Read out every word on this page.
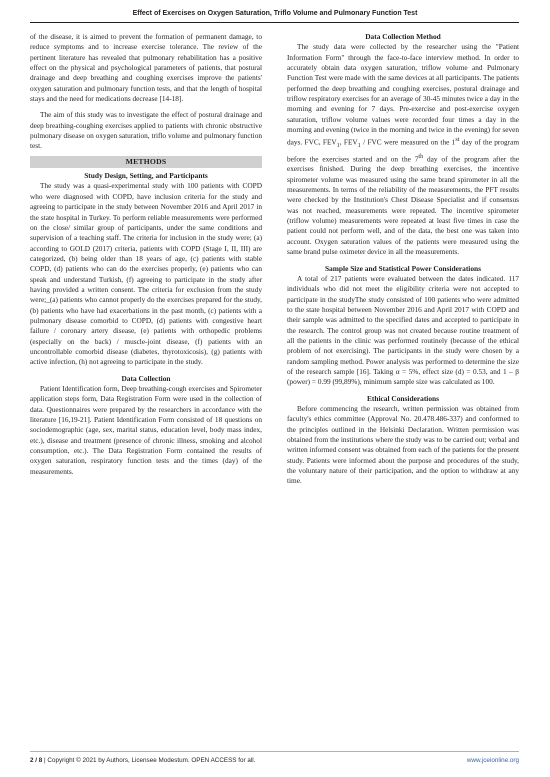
Effect of Exercises on Oxygen Saturation, Triflo Volume and Pulmonary Function Test

of the disease, it is aimed to prevent the formation of permanent damage, to reduce symptoms and to increase exercise tolerance. The review of the pertinent literature has revealed that pulmonary rehabilitation has a positive effect on the physical and psychological parameters of patients, that postural drainage and deep breathing and coughing exercises improve the patients' oxygen saturation and pulmonary function tests, and that the length of hospital stays and the need for medications decrease [14-18].

The aim of this study was to investigate the effect of postural drainage and deep breathing-coughing exercises applied to patients with chronic obstructive pulmonary disease on oxygen saturation, triflo volume and pulmonary function test.

METHODS
Study Design, Setting, and Participants

The study was a quasi-experimental study with 100 patients with COPD who were diagnosed with COPD, have inclusion criteria for the study and agreeing to participate in the study between November 2016 and April 2017 in the state hospital in Turkey. To perform reliable measurements were performed on the close/ similar group of participants, under the same conditions and supervision of a teaching staff. The criteria for inclusion in the study were; (a) according to GOLD (2017) criteria, patients with COPD (Stage I, II, III) are categorized, (b) being older than 18 years of age, (c) patients with stable COPD, (d) patients who can do the exercises properly, (e) patients who can speak and understand Turkish, (f) agreeing to participate in the study after having provided a written consent. The criteria for exclusion from the study were;_(a) patients who cannot properly do the exercises prepared for the study, (b) patients who have had exacerbations in the past month, (c) patients with a pulmonary disease comorbid to COPD, (d) patients with congestive heart failure / coronary artery disease, (e) patients with orthopedic problems (especially on the back) / muscle-joint disease, (f) patients with an uncontrollable comorbid disease (diabetes, thyrotoxicosis), (g) patients with active infection, (h) not agreeing to participate in the study.

Data Collection

Patient Identification form, Deep breathing-cough exercises and Spirometer application steps form, Data Registration Form were used in the collection of data. Questionnaires were prepared by the researchers in accordance with the literature [16,19-21]. Patient Identification Form consisted of 18 questions on sociodemographic (age, sex, marital status, education level, body mass index, etc.), disease and treatment (presence of chronic illness, smoking and alcohol consumption, etc.). The Data Registration Form contained the results of oxygen saturation, respiratory function tests and the times (day) of the measurements.

Data Collection Method

The study data were collected by the researcher using the "Patient Information Form" through the face-to-face interview method. In order to accurately obtain data oxygen saturation, triflow volume and Pulmonary Function Test were made with the same devices at all participants. The patients performed the deep breathing and coughing exercises, postural drainage and triflow respiratory exercises for an average of 30-45 minutes twice a day in the morning and evening for 7 days. Pre-exercise and post-exercise oxygen saturation, triflow volume values were recorded four times a day in the morning and evening (twice in the morning and twice in the evening) for seven days. FVC, $FEV_1$, $FEV_1$ / FVC were measured on the 1st day of the program before the exercises started and on the 7th day of the program after the exercises finished. During the deep breathing exercises, the incentive spirometer volume was measured using the same brand spirometer in all the measurements. In terms of the reliability of the measurements, the PFT results were checked by the Institution's Chest Disease Specialist and if consensus was not reached, measurements were repeated. The incentive spirometer (triflow volume) measurements were repeated at least five times in case the patient could not perform well, and of the data, the best one was taken into account. Oxygen saturation values of the patients were measured using the same brand pulse oximeter device in all the measurements.

Sample Size and Statistical Power Considerations

A total of 217 patients were evaluated between the dates indicated. 117 individuals who did not meet the eligibility criteria were not accepted to participate in the studyThe study consisted of 100 patients who were admitted to the state hospital between November 2016 and April 2017 with COPD and their sample was admitted to the specified dates and accepted to participate in the research. The control group was not created because routine treatment of all the patients in the clinic was performed routinely (because of the ethical problem of not exercising). The participants in the study were chosen by a random sampling method. Power analysis was performed to determine the size of the research sample [16]. Taking α = 5%, effect size (d) = 0.53, and 1 – β (power) = 0.99 (99,89%), minimum sample size was calculated as 100.

Ethical Considerations

Before commencing the research, written permission was obtained from faculty's ethics committee (Approval No. 20.478.486-337) and conformed to the principles outlined in the Helsinki Declaration. Written permission was obtained from the institutions where the study was to be carried out; verbal and written informed consent was obtained from each of the patients for the present study. Patients were informed about the purpose and procedures of the study, the voluntary nature of their participation, and the option to withdraw at any time.

2 / 8 | Copyright © 2021 by Authors, Licensee Modestum. OPEN ACCESS for all.	www.jceionline.org
